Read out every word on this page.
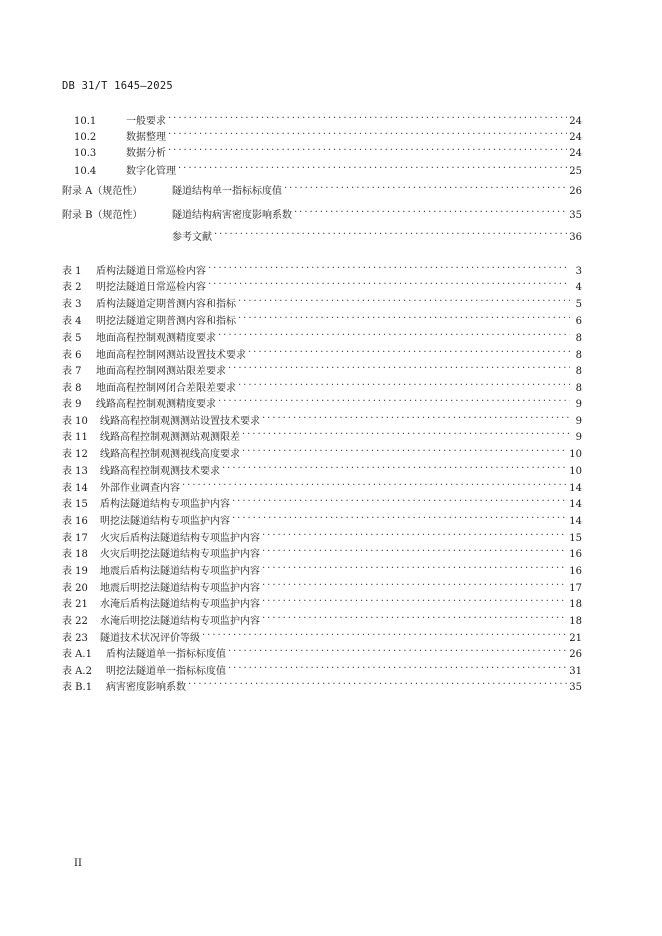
DB 31/T 1645—2025
10.1	一般要求 . . .	24
10.2	数据整理 . . .	24
10.3	数据分析 . . .	24
10.4	数字化管理 . . .	25
附录 A（规范性）	隧道结构单一指标标度值 . . .	26
附录 B（规范性）	隧道结构病害密度影响系数 . . .	35
参考文献 . . .	36
表 1	盾构法隧道日常巡检内容 . . .	3
表 2	明挖法隧道日常巡检内容 . . .	4
表 3	盾构法隧道定期普测内容和指标 . . .	5
表 4	明挖法隧道定期普测内容和指标 . . .	6
表 5	地面高程控制观测精度要求 . . .	8
表 6	地面高程控制网测站设置技术要求 . . .	8
表 7	地面高程控制网测站限差要求 . . .	8
表 8	地面高程控制网闭合差限差要求 . . .	8
表 9	线路高程控制观测精度要求 . . .	9
表 10	线路高程控制观测测站设置技术要求 . . .	9
表 11	线路高程控制观测测站观测限差 . . .	9
表 12	线路高程控制观测视线高度要求 . . .	10
表 13	线路高程控制观测技术要求 . . .	10
表 14	外部作业调查内容 . . .	14
表 15	盾构法隧道结构专项监护内容 . . .	14
表 16	明挖法隧道结构专项监护内容 . . .	14
表 17	火灾后盾构法隧道结构专项监护内容 . . .	15
表 18	火灾后明挖法隧道结构专项监护内容 . . .	16
表 19	地震后盾构法隧道结构专项监护内容 . . .	16
表 20	地震后明挖法隧道结构专项监护内容 . . .	17
表 21	水淹后盾构法隧道结构专项监护内容 . . .	18
表 22	水淹后明挖法隧道结构专项监护内容 . . .	18
表 23	隧道技术状况评价等级 . . .	21
表 A.1	盾构法隧道单一指标标度值 . . .	26
表 A.2	明挖法隧道单一指标标度值 . . .	31
表 B.1	病害密度影响系数 . . .	35
II
